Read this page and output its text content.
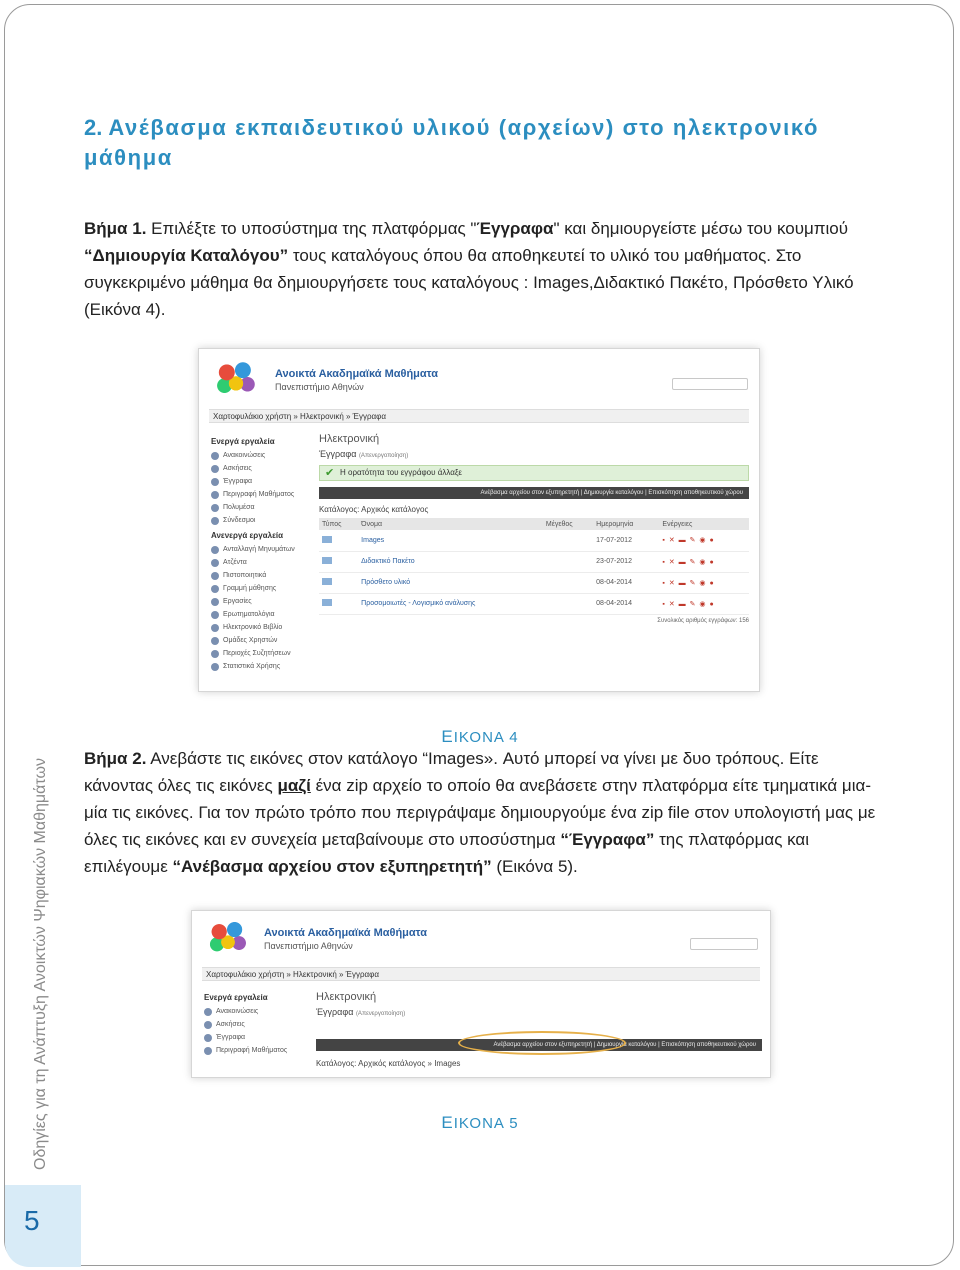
2. Ανέβασμα εκπαιδευτικού υλικού (αρχείων) στο ηλεκτρονικό μάθημα

Βήμα 1. Επιλέξτε το υποσύστημα της πλατφόρμας "Έγγραφα" και δημιουργείστε μέσω του κουμπιού “Δημιουργία Καταλόγου” τους καταλόγους όπου θα αποθηκευτεί το υλικό του μαθήματος. Στο συγκεκριμένο μάθημα θα δημιουργήσετε τους καταλόγους : Images,Διδακτικό Πακέτο, Πρόσθετο Υλικό (Εικόνα 4).

Ανοικτά Ακαδημαϊκά Μαθήματα
Πανεπιστήμιο Αθηνών
Χαρτοφυλάκιο χρήστη » Ηλεκτρονική » Έγγραφα
Ενεργά εργαλεία
Ανακοινώσεις
Ασκήσεις
Έγγραφα
Περιγραφή Μαθήματος
Πολυμέσα
Σύνδεσμοι
Ανενεργά εργαλεία
Ανταλλαγή Μηνυμάτων
Ατζέντα
Πιστοποιητικά
Γραμμή μάθησης
Εργασίες
Ερωτηματολόγια
Ηλεκτρονικό Βιβλίο
Ομάδες Χρηστών
Περιοχές Συζητήσεων
Στατιστικά Χρήσης
Ηλεκτρονική
Έγγραφα (Απενεργοποίηση)
✔ Η ορατότητα του εγγράφου άλλαξε
Ανέβασμα αρχείου στον εξυπηρετητή | Δημιουργία καταλόγου | Επισκόπηση αποθηκευτικού χώρου
Κατάλογος: Αρχικός κατάλογος
Τύπος	Όνομα	Μέγεθος	Ημερομηνία	Ενέργειες
	Images		17-07-2012	▪ ✕ ▬ ✎ ◉ ●
	Διδακτικό Πακέτο		23-07-2012	▪ ✕ ▬ ✎ ◉ ●
	Πρόσθετο υλικό		08-04-2014	▪ ✕ ▬ ✎ ◉ ●
	Προσομοιωτές - Λογισμικό ανάλυσης		08-04-2014	▪ ✕ ▬ ✎ ◉ ●
Συνολικός αριθμός εγγράφων: 156
ΕΙΚΟΝΑ 4

Βήμα 2. Ανεβάστε τις εικόνες στον κατάλογο “Images». Αυτό μπορεί να γίνει με δυο τρόπους. Είτε κάνοντας όλες τις εικόνες μαζί ένα zip αρχείο το οποίο θα ανεβάσετε στην πλατφόρμα είτε τμηματικά μια-μία τις εικόνες. Για τον πρώτο τρόπο που περιγράψαμε δημιουργούμε ένα zip file στον υπολογιστή μας με όλες τις εικόνες και εν συνεχεία μεταβαίνουμε στο υποσύστημα “Έγγραφα” της πλατφόρμας και επιλέγουμε “Ανέβασμα αρχείου στον εξυπηρετητή” (Εικόνα 5).

Ανοικτά Ακαδημαϊκά Μαθήματα
Πανεπιστήμιο Αθηνών
Χαρτοφυλάκιο χρήστη » Ηλεκτρονική » Έγγραφα
Ενεργά εργαλεία
Ανακοινώσεις
Ασκήσεις
Έγγραφα
Περιγραφή Μαθήματος
Ηλεκτρονική
Έγγραφα (Απενεργοποίηση)
Ανέβασμα αρχείου στον εξυπηρετητή | Δημιουργία καταλόγου | Επισκόπηση αποθηκευτικού χώρου
Κατάλογος: Αρχικός κατάλογος » Images
ΕΙΚΟΝΑ 5
Οδηγίες για τη Ανάπτυξη Ανοικτών Ψηφιακών Μαθημάτων
5
